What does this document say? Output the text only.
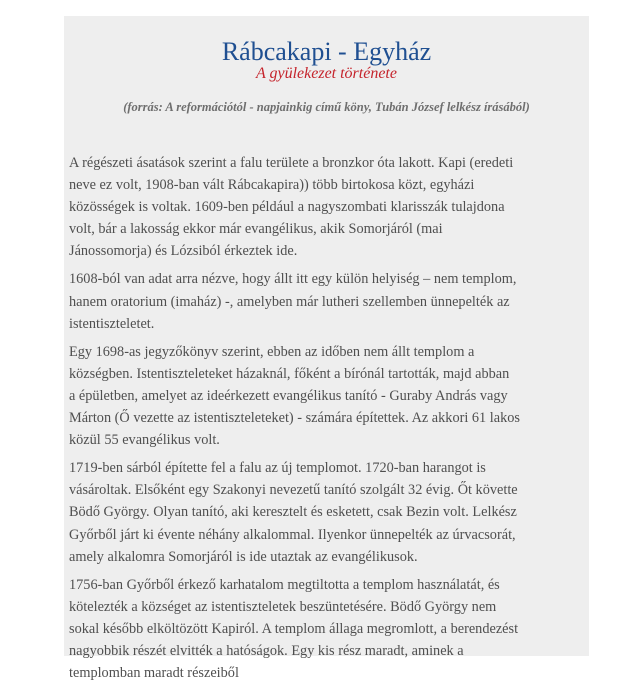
Rábcakapi - Egyház

A gyülekezet története

(forrás: A reformációtól - napjainkig című köny, Tubán József lelkész írásából)

A régészeti ásatások szerint a falu területe a bronzkor óta lakott. Kapi (eredeti
neve ez volt, 1908-ban vált Rábcakapira)) több birtokosa közt, egyházi
közösségek is voltak. 1609-ben például a nagyszombati klarisszák tulajdona
volt, bár a lakosság ekkor már evangélikus, akik Somorjáról (mai
Jánossomorja) és Lózsiból érkeztek ide.

1608-ból van adat arra nézve, hogy állt itt egy külön helyiség – nem templom,
hanem oratorium (imaház) -, amelyben már lutheri szellemben ünnepelték az
istentiszteletet.

Egy 1698-as jegyzőkönyv szerint, ebben az időben nem állt templom a
községben. Istentiszteleteket házaknál, főként a bírónál tartották, majd abban
a épületben, amelyet az ideérkezett evangélikus tanító - Guraby András vagy
Márton (Ő vezette az istentiszteleteket) - számára építettek. Az akkori 61 lakos
közül 55 evangélikus volt.

1719-ben sárból építette fel a falu az új templomot. 1720-ban harangot is
vásároltak. Elsőként egy Szakonyi nevezetű tanító szolgált 32 évig. Őt követte
Bödő György. Olyan tanító, aki keresztelt és esketett, csak Bezin volt. Lelkész
Győrből járt ki évente néhány alkalommal. Ilyenkor ünnepelték az úrvacsorát,
amely alkalomra Somorjáról is ide utaztak az evangélikusok.

1756-ban Győrből érkező karhatalom megtiltotta a templom használatát, és
kötelezték a községet az istentiszteletek beszüntetésére. Bödő György nem
sokal később elköltözött Kapiról. A templom állaga megromlott, a berendezést
nagyobbik részét elvitték a hatóságok. Egy kis rész maradt, aminek a
templomban maradt részeiből
